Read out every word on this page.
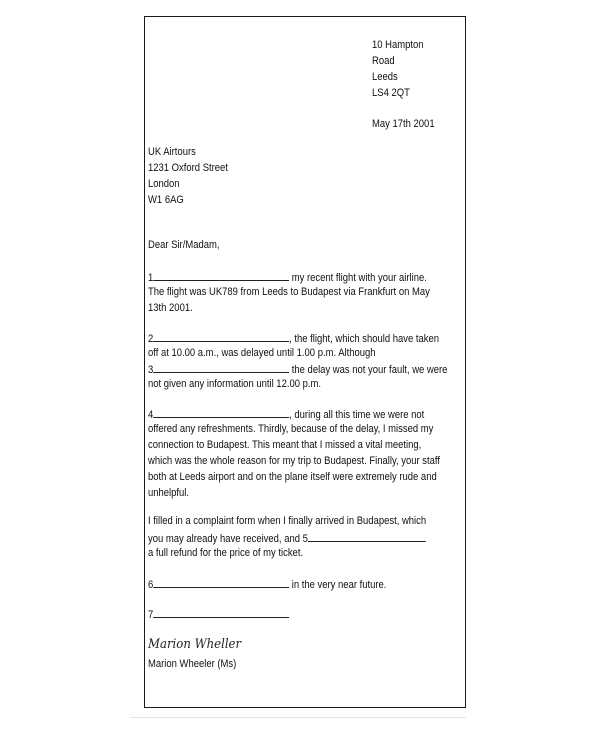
10 Hampton
Road
Leeds
LS4 2QT
May 17th 2001
UK Airtours
1231 Oxford Street
London
W1 6AG
Dear Sir/Madam,
1	my recent flight with your airline.
The flight was UK789 from Leeds to Budapest via Frankfurt on May
13th 2001.
2	, the flight, which should have taken
off at 10.00 a.m., was delayed until 1.00 p.m. Although
3	the delay was not your fault, we were
not given any information until 12.00 p.m.
4	, during all this time we were not
offered any refreshments. Thirdly, because of the delay, I missed my
connection to Budapest. This meant that I missed a vital meeting,
which was the whole reason for my trip to Budapest. Finally, your staff
both at Leeds airport and on the plane itself were extremely rude and
unhelpful.
I filled in a complaint form when I finally arrived in Budapest, which
you may already have received, and 5
a full refund for the price of my ticket.
6	in the very near future.
7
Marion Wheller
Marion Wheeler (Ms)
